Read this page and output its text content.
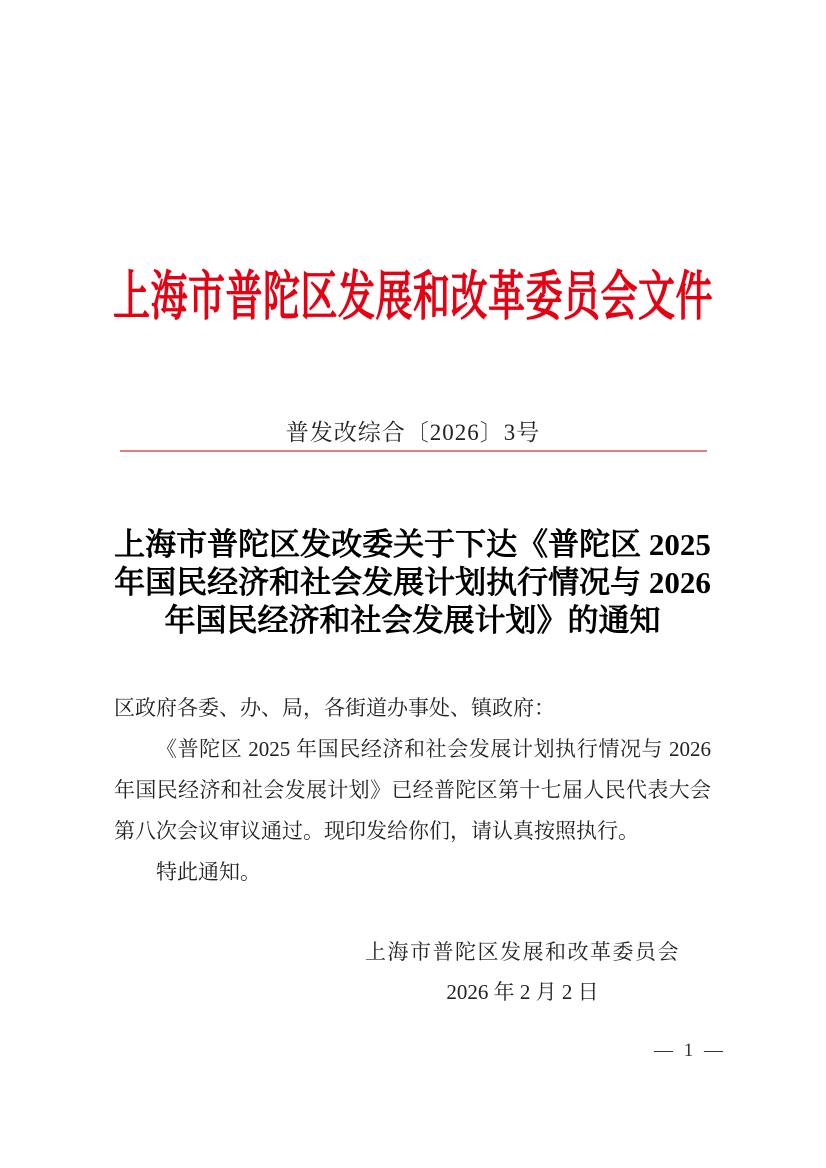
上海市普陀区发展和改革委员会文件
普发改综合〔2026〕3号
上海市普陀区发改委关于下达《普陀区 2025
年国民经济和社会发展计划执行情况与 2026
年国民经济和社会发展计划》的通知
区政府各委、办、局，各街道办事处、镇政府：
《普陀区 2025 年国民经济和社会发展计划执行情况与 2026
年国民经济和社会发展计划》已经普陀区第十七届人民代表大会
第八次会议审议通过。现印发给你们，请认真按照执行。
特此通知。
上海市普陀区发展和改革委员会
2026 年 2 月 2 日
— 1 —
